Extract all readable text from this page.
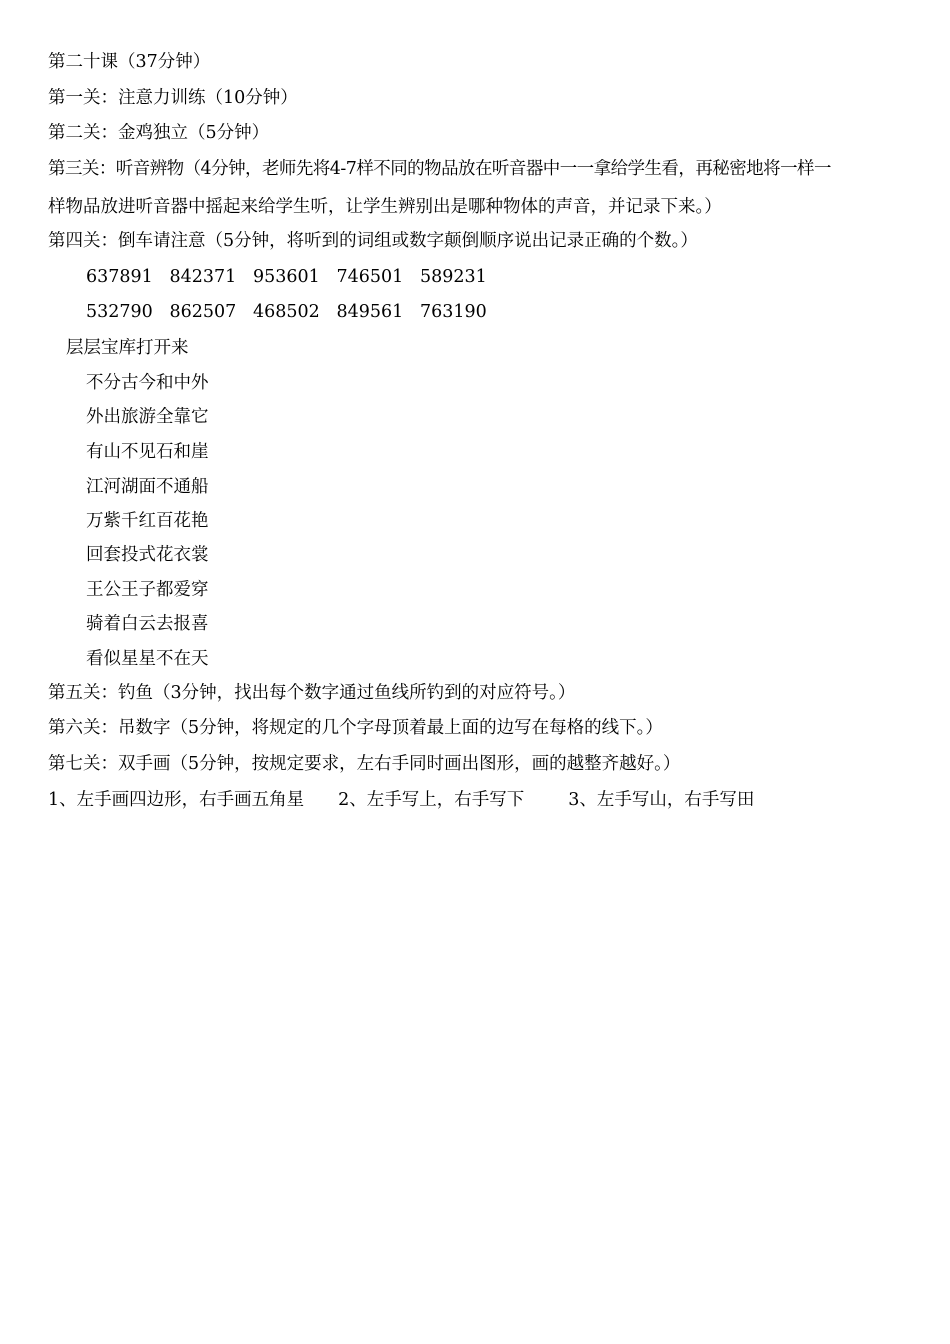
第二十课（37分钟）
第一关：注意力训练（10分钟）
第二关：金鸡独立（5分钟）
第三关：听音辨物（4分钟，老师先将4-7样不同的物品放在听音器中一一拿给学生看，再秘密地将一样一
样物品放进听音器中摇起来给学生听，让学生辨别出是哪种物体的声音，并记录下来。）
第四关：倒车请注意（5分钟，将听到的词组或数字颠倒顺序说出记录正确的个数。）
637891   842371   953601   746501   589231
532790   862507   468502   849561   763190
层层宝库打开来
不分古今和中外
外出旅游全靠它
有山不见石和崖
江河湖面不通船
万紫千红百花艳
回套投式花衣裳
王公王子都爱穿
骑着白云去报喜
看似星星不在天
第五关：钓鱼（3分钟，找出每个数字通过鱼线所钓到的对应符号。）
第六关：吊数字（5分钟，将规定的几个字母顶着最上面的边写在每格的线下。）
第七关：双手画（5分钟，按规定要求，左右手同时画出图形，画的越整齐越好。）
1、左手画四边形，右手画五角星 2、左手写上，右手写下	3、左手写山，右手写田
